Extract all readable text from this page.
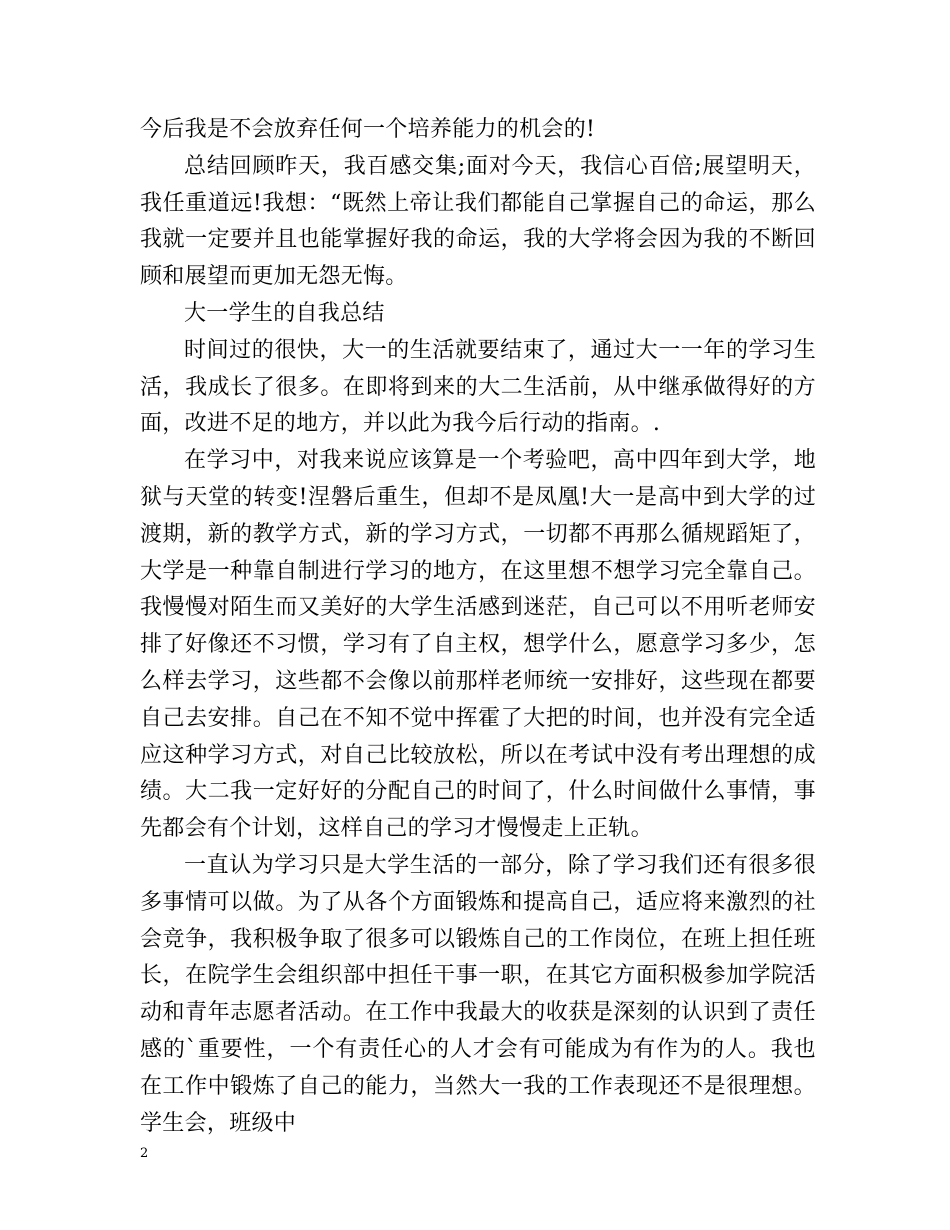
今后我是不会放弃任何一个培养能力的机会的!

总结回顾昨天，我百感交集;面对今天，我信心百倍;展望明天，我任重道远!我想：“既然上帝让我们都能自己掌握自己的命运，那么我就一定要并且也能掌握好我的命运，我的大学将会因为我的不断回顾和展望而更加无怨无悔。

大一学生的自我总结

时间过的很快，大一的生活就要结束了，通过大一一年的学习生活，我成长了很多。在即将到来的大二生活前，从中继承做得好的方面，改进不足的地方，并以此为我今后行动的指南。.

在学习中，对我来说应该算是一个考验吧，高中四年到大学，地狱与天堂的转变!涅磐后重生，但却不是凤凰!大一是高中到大学的过渡期，新的教学方式，新的学习方式，一切都不再那么循规蹈矩了，大学是一种靠自制进行学习的地方，在这里想不想学习完全靠自己。我慢慢对陌生而又美好的大学生活感到迷茫，自己可以不用听老师安排了好像还不习惯，学习有了自主权，想学什么，愿意学习多少，怎么样去学习，这些都不会像以前那样老师统一安排好，这些现在都要自己去安排。自己在不知不觉中挥霍了大把的时间，也并没有完全适应这种学习方式，对自己比较放松，所以在考试中没有考出理想的成绩。大二我一定好好的分配自己的时间了，什么时间做什么事情，事先都会有个计划，这样自己的学习才慢慢走上正轨。

一直认为学习只是大学生活的一部分，除了学习我们还有很多很多事情可以做。为了从各个方面锻炼和提高自己，适应将来激烈的社会竞争，我积极争取了很多可以锻炼自己的工作岗位，在班上担任班长，在院学生会组织部中担任干事一职，在其它方面积极参加学院活动和青年志愿者活动。在工作中我最大的收获是深刻的认识到了责任感的`重要性，一个有责任心的人才会有可能成为有作为的人。我也在工作中锻炼了自己的能力，当然大一我的工作表现还不是很理想。学生会，班级中

2
